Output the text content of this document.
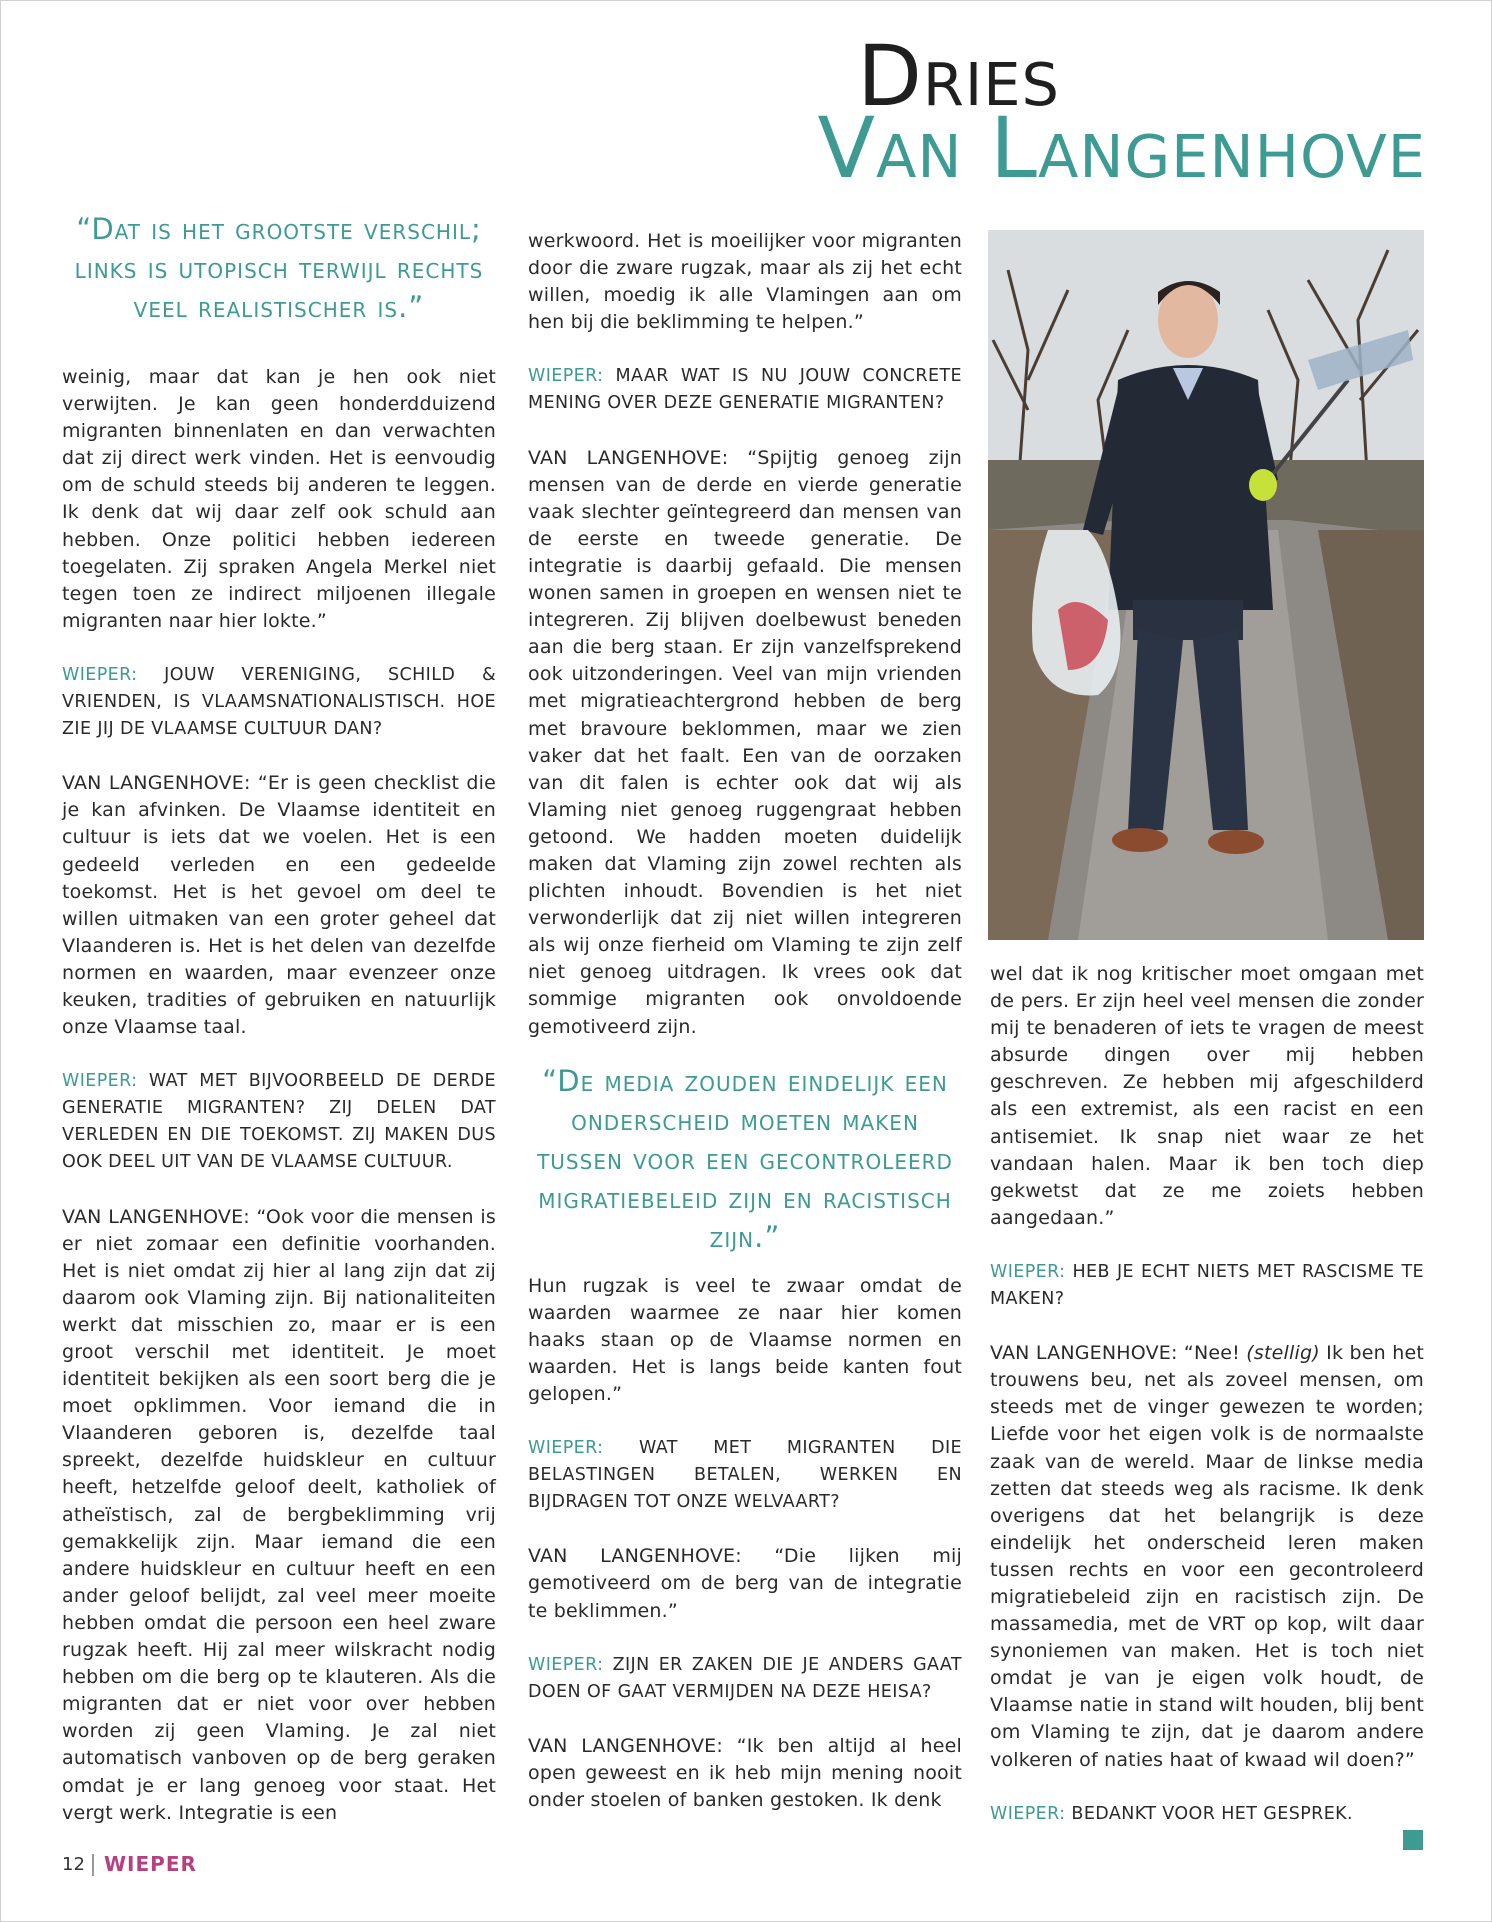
Dries
Van Langenhove
“Dat is het grootste verschil; links is utopisch terwijl rechts veel realistischer is.”

weinig, maar dat kan je hen ook niet verwijten. Je kan geen honderdduizend migranten binnenlaten en dan verwachten dat zij direct werk vinden. Het is eenvoudig om de schuld steeds bij anderen te leggen. Ik denk dat wij daar zelf ook schuld aan hebben. Onze politici hebben iedereen toegelaten. Zij spraken Angela Merkel niet tegen toen ze indirect miljoenen illegale migranten naar hier lokte.”

WIEPER: JOUW VERENIGING, SCHILD & VRIENDEN, IS VLAAMSNATIONALISTISCH. HOE ZIE JIJ DE VLAAMSE CULTUUR DAN?

VAN LANGENHOVE: “Er is geen checklist die je kan afvinken. De Vlaamse identiteit en cultuur is iets dat we voelen. Het is een gedeeld verleden en een gedeelde toekomst. Het is het gevoel om deel te willen uitmaken van een groter geheel dat Vlaanderen is. Het is het delen van dezelfde normen en waarden, maar evenzeer onze keuken, tradities of gebruiken en natuurlijk onze Vlaamse taal.

WIEPER: WAT MET BIJVOORBEELD DE DERDE GENERATIE MIGRANTEN? ZIJ DELEN DAT VERLEDEN EN DIE TOEKOMST. ZIJ MAKEN DUS OOK DEEL UIT VAN DE VLAAMSE CULTUUR.

VAN LANGENHOVE: “Ook voor die mensen is er niet zomaar een definitie voorhanden. Het is niet omdat zij hier al lang zijn dat zij daarom ook Vlaming zijn. Bij nationaliteiten werkt dat misschien zo, maar er is een groot verschil met identiteit. Je moet identiteit bekijken als een soort berg die je moet opklimmen. Voor iemand die in Vlaanderen geboren is, dezelfde taal spreekt, dezelfde huidskleur en cultuur heeft, hetzelfde geloof deelt, katholiek of atheïstisch, zal de bergbeklimming vrij gemakkelijk zijn. Maar iemand die een andere huidskleur en cultuur heeft en een ander geloof belijdt, zal veel meer moeite hebben omdat die persoon een heel zware rugzak heeft. Hij zal meer wilskracht nodig hebben om die berg op te klauteren. Als die migranten dat er niet voor over hebben worden zij geen Vlaming. Je zal niet automatisch vanboven op de berg geraken omdat je er lang genoeg voor staat. Het vergt werk. Integratie is een

werkwoord. Het is moeilijker voor migranten door die zware rugzak, maar als zij het echt willen, moedig ik alle Vlamingen aan om hen bij die beklimming te helpen.”

WIEPER: MAAR WAT IS NU JOUW CONCRETE MENING OVER DEZE GENERATIE MIGRANTEN?

VAN LANGENHOVE: “Spijtig genoeg zijn mensen van de derde en vierde generatie vaak slechter geïntegreerd dan mensen van de eerste en tweede generatie. De integratie is daarbij gefaald. Die mensen wonen samen in groepen en wensen niet te integreren. Zij blijven doelbewust beneden aan die berg staan. Er zijn vanzelfsprekend ook uitzonderingen. Veel van mijn vrienden met migratieachtergrond hebben de berg met bravoure beklommen, maar we zien vaker dat het faalt. Een van de oorzaken van dit falen is echter ook dat wij als Vlaming niet genoeg ruggengraat hebben getoond. We hadden moeten duidelijk maken dat Vlaming zijn zowel rechten als plichten inhoudt. Bovendien is het niet verwonderlijk dat zij niet willen integreren als wij onze fierheid om Vlaming te zijn zelf niet genoeg uitdragen. Ik vrees ook dat sommige migranten ook onvoldoende gemotiveerd zijn.

Hun rugzak is veel te zwaar omdat de waarden waarmee ze naar hier komen haaks staan op de Vlaamse normen en waarden. Het is langs beide kanten fout gelopen.”

WIEPER: WAT MET MIGRANTEN DIE BELASTINGEN BETALEN, WERKEN EN BIJDRAGEN TOT ONZE WELVAART?

VAN LANGENHOVE: “Die lijken mij gemotiveerd om de berg van de integratie te beklimmen.”

WIEPER: ZIJN ER ZAKEN DIE JE ANDERS GAAT DOEN OF GAAT VERMIJDEN NA DEZE HEISA?

VAN LANGENHOVE: “Ik ben altijd al heel open geweest en ik heb mijn mening nooit onder stoelen of banken gestoken. Ik denk

“De media zouden eindelijk een onderscheid moeten maken tussen voor een gecontroleerd migratiebeleid zijn en racistisch zijn.”

wel dat ik nog kritischer moet omgaan met de pers. Er zijn heel veel mensen die zonder mij te benaderen of iets te vragen de meest absurde dingen over mij hebben geschreven. Ze hebben mij afgeschilderd als een extremist, als een racist en een antisemiet. Ik snap niet waar ze het vandaan halen. Maar ik ben toch diep gekwetst dat ze me zoiets hebben aangedaan.”

WIEPER: HEB JE ECHT NIETS MET RASCISME TE MAKEN?

VAN LANGENHOVE: “Nee! (stellig) Ik ben het trouwens beu, net als zoveel mensen, om steeds met de vinger gewezen te worden; Liefde voor het eigen volk is de normaalste zaak van de wereld. Maar de linkse media zetten dat steeds weg als racisme. Ik denk overigens dat het belangrijk is deze eindelijk het onderscheid leren maken tussen rechts en voor een gecontroleerd migratiebeleid zijn en racistisch zijn. De massamedia, met de VRT op kop, wilt daar synoniemen van maken. Het is toch niet omdat je van je eigen volk houdt, de Vlaamse natie in stand wilt houden, blij bent om Vlaming te zijn, dat je daarom andere volkeren of naties haat of kwaad wil doen?”

WIEPER: BEDANKT VOOR HET GESPREK.

12 WIEPER
